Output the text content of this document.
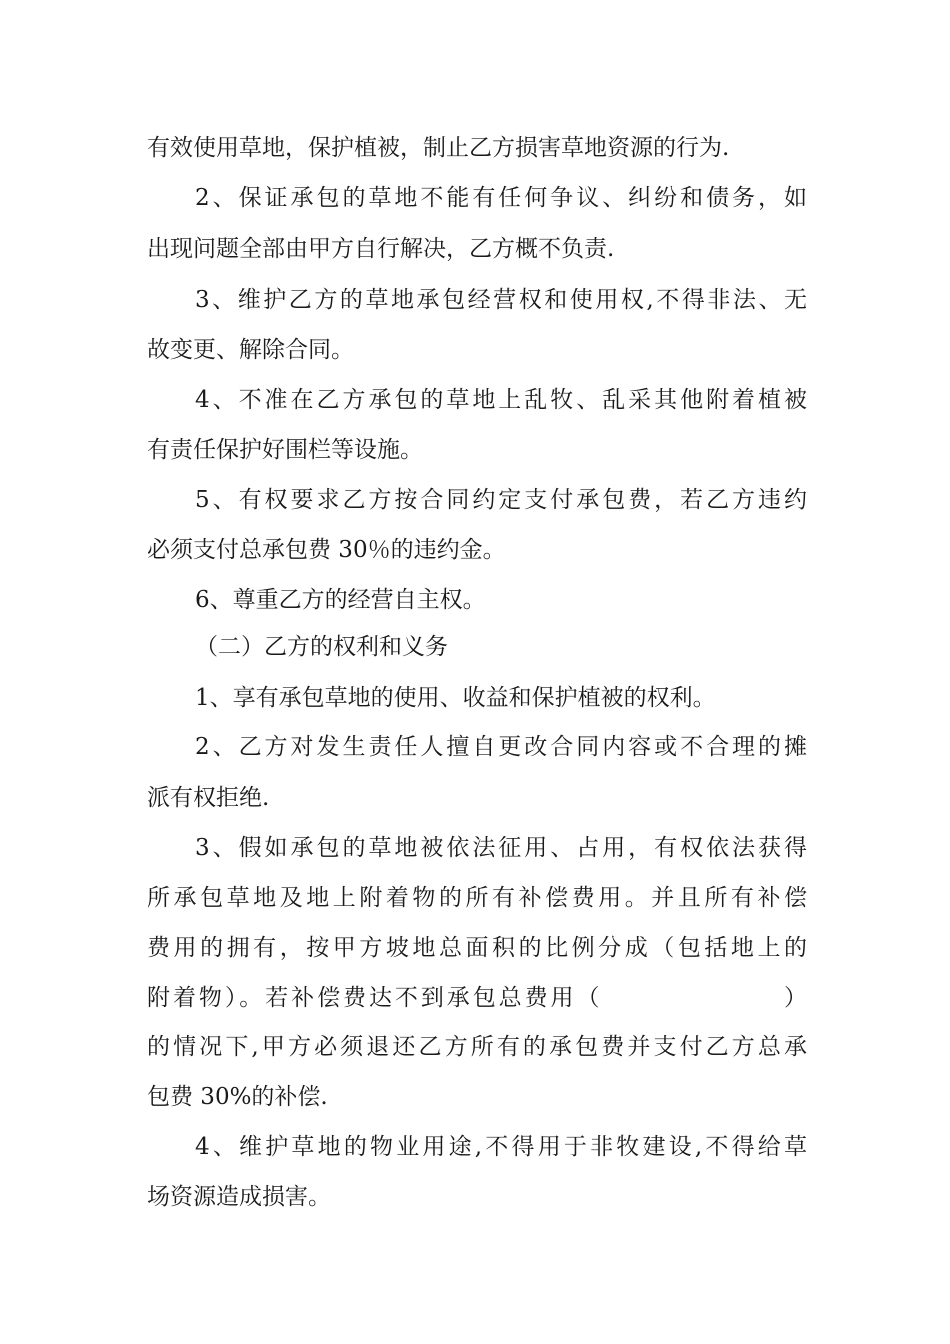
有效使用草地，保护植被，制止乙方损害草地资源的行为.
2、保证承包的草地不能有任何争议、纠纷和债务，如
出现问题全部由甲方自行解决，乙方概不负责.
3、维护乙方的草地承包经营权和使用权,不得非法、无
故变更、解除合同。
4、不准在乙方承包的草地上乱牧、乱采其他附着植被
有责任保护好围栏等设施。
5、有权要求乙方按合同约定支付承包费，若乙方违约
必须支付总承包费 30％的违约金。
6、尊重乙方的经营自主权。
（二）乙方的权利和义务
1、享有承包草地的使用、收益和保护植被的权利。
2、乙方对发生责任人擅自更改合同内容或不合理的摊
派有权拒绝.
3、假如承包的草地被依法征用、占用，有权依法获得
所承包草地及地上附着物的所有补偿费用。并且所有补偿
费用的拥有，按甲方坡地总面积的比例分成（包括地上的
附着物）。若补偿费达不到承包总费用（　　　　　　　）
的情况下,甲方必须退还乙方所有的承包费并支付乙方总承
包费 30%的补偿.
4、维护草地的物业用途,不得用于非牧建设,不得给草
场资源造成损害。
